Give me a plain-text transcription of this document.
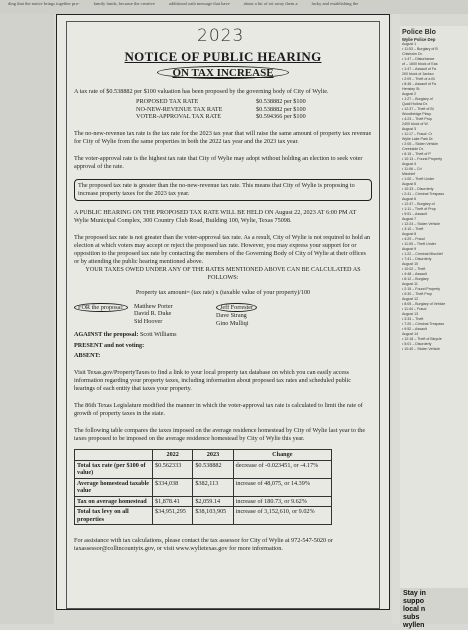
ding that the notice brings together pro-	family funds, because the creative	additional oath message that have	about a bit of set away them a	lucky and establishing the
2023
NOTICE OF PUBLIC HEARING
ON TAX INCREASE

A tax rate of $0.538882 per $100 valuation has been proposed by the governing body of City of Wylie.

PROPOSED TAX RATE	$0.538882 per $100
NO-NEW-REVENUE TAX RATE	$0.538882 per $100
VOTER-APPROVAL TAX RATE	$0.594366 per $100

The no-new-revenue tax rate is the tax rate for the 2023 tax year that will raise the same amount of property tax revenue for City of Wylie from the same properties in both the 2022 tax year and the 2023 tax year.

The voter-approval rate is the highest tax rate that City of Wylie may adopt without holding an election to seek voter approval of the rate.

The proposed tax rate is greater than the no-new-revenue tax rate. This means that City of Wylie is proposing to increase property taxes for the 2023 tax year.

A PUBLIC HEARING ON THE PROPOSED TAX RATE WILL BE HELD ON August 22, 2023 AT 6:00 PM AT Wylie Municipal Complex, 300 Country Club Road, Building 100, Wylie, Texas 75098.

The proposed tax rate is not greater than the voter-approval tax rate. As a result, City of Wylie is not required to hold an election at which voters may accept or reject the proposed tax rate. However, you may express your support for or opposition to the proposed tax rate by contacting the members of the Governing Body of City of Wylie at their offices or by attending the public hearing mentioned above.

YOUR TAXES OWED UNDER ANY OF THE RATES MENTIONED ABOVE CAN BE CALCULATED AS FOLLOWS:

Property tax amount= (tax rate) x (taxable value of your property)/100

FOR the proposal:	Matthew Porter
David R. Duke
Sid Hoover
Jeff Forrester
Dave Strang
Gino Mulliqi

AGAINST the proposal: Scott Williams

PRESENT and not voting:

ABSENT:

Visit Texas.gov/PropertyTaxes to find a link to your local property tax database on which you can easily access information regarding your property taxes, including information about proposed tax rates and scheduled public hearings of each entity that taxes your property.

The 86th Texas Legislature modified the manner in which the voter-approval tax rate is calculated to limit the rate of growth of property taxes in the state.

The following table compares the taxes imposed on the average residence homestead by City of Wylie last year to the taxes proposed to be imposed on the average residence homestead by City of Wylie this year.

	2022	2023	Change
Total tax rate (per $100 of value)	$0.562333	$0.538882	decrease of -0.023451, or -4.17%
Average homestead taxable value	$334,038	$382,113	increase of 48,075, or 14.39%
Tax on average homestead	$1,878.41	$2,059.14	increase of 180.73, or 9.62%
Total tax levy on all properties	$34,951,295	$38,103,905	increase of 3,152,610, or 9.02%

For assistance with tax calculations, please contact the tax assessor for City of Wylie at 972-547-5020 or taxassessor@collincountytx.gov, or visit www.wylietexas.gov for more information.

Police Blo
Wylie Police Dep
August 1
• 11:53 – Burglary of B
Chisholm Dr.
• 1:47 – Disturbance
of – 1600 block of Eas
• 1:47 – Assault of Fa
200 block of Jackso
• 2:09 – Theft of a Bi
• 8:46 – Assault of Fa
Hensley St.
August 2
• 1:27 – Burglary of
Quail Hollow Dr.
• 12:37 – Theft of Bi
Woodbridge Pkwy.
• 4:23 – Theft Prop
2400 block of W.
August 3
• 11:17 – Fraud: Cr
Wylie Lake Park Dr.
• 2:05 – Stolen Vehicle
Creekside Dr.
• 6:15 – Theft of P
• 10:13 – Found Property
August 4
• 11:06 – Cri
Mischief
• 1:00 – Theft Under
August 5
• 10:33 – Disorderly
• 2:41 – Criminal Trespass
August 6
• 12:47 – Burglary of
• 1:11 – Theft of Prop
• 9:51 – Assault
August 7
• 12:24 – Stolen Vehicle
• 3:10 – Theft
August 8
• 4:29 – Fraud
• 11:05 – Theft Under
August 9
• 1:22 – Criminal Mischief
• 7:41 – Disorderly
August 10
• 10:02 – Theft
• 4:48 – Assault
• 6:12 – Burglary
August 11
• 2:15 – Found Property
• 9:30 – Theft Prop
August 12
• 8:05 – Burglary of Vehicle
• 11:44 – Fraud
August 13
• 3:33 – Theft
• 7:20 – Criminal Trespass
• 9:52 – Assault
August 14
• 12:18 – Theft of Bicycle
• 5:01 – Disorderly
• 10:40 – Stolen Vehicle
Stay in
suppo
local n
subs
wyllen
